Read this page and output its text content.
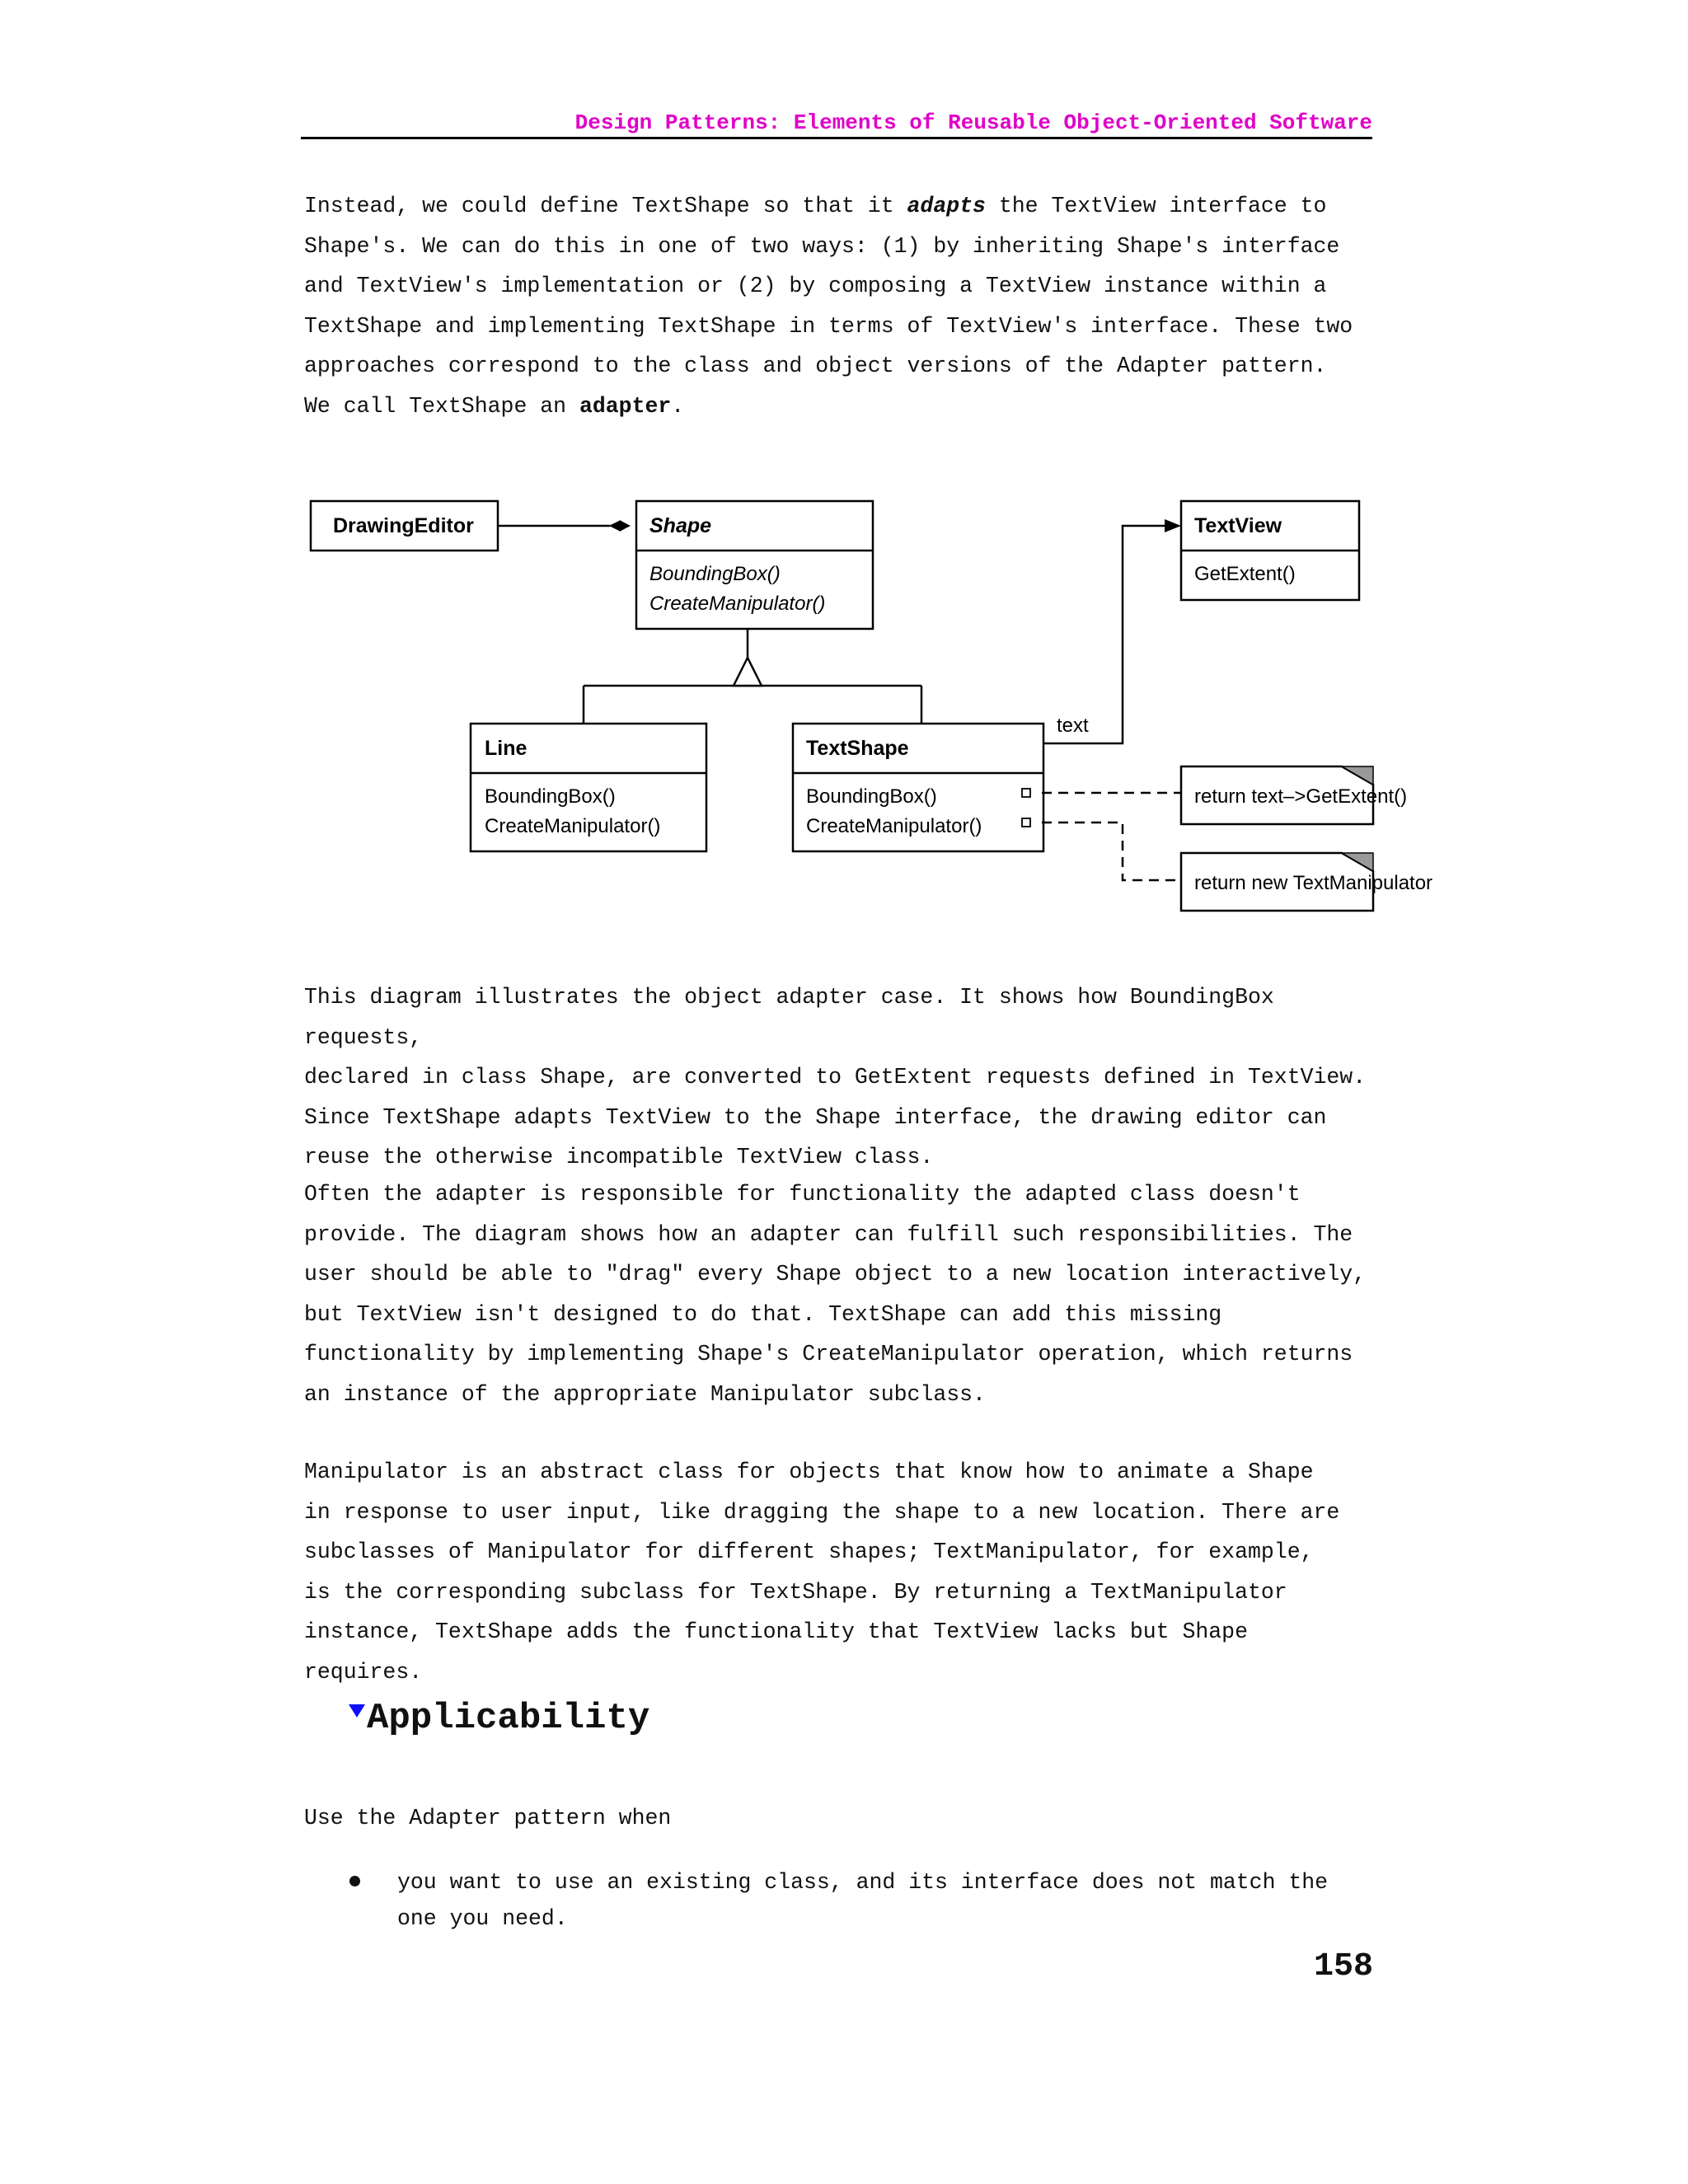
Design Patterns: Elements of Reusable Object-Oriented Software

Instead, we could define TextShape so that it adapts the TextView interface to
Shape's. We can do this in one of two ways: (1) by inheriting Shape's interface
and TextView's implementation or (2) by composing a TextView instance within a
TextShape and implementing TextShape in terms of TextView's interface. These two
approaches correspond to the class and object versions of the Adapter pattern.
We call TextShape an adapter.

DrawingEditor	Shape
BoundingBox()
CreateManipulator()
TextView
GetExtent()
Line
BoundingBox()
CreateManipulator()
TextShape
BoundingBox()
CreateManipulator()
text
return text–>GetExtent()
return new TextManipulator

This diagram illustrates the object adapter case. It shows how BoundingBox requests,
declared in class Shape, are converted to GetExtent requests defined in TextView.
Since TextShape adapts TextView to the Shape interface, the drawing editor can
reuse the otherwise incompatible TextView class.

Often the adapter is responsible for functionality the adapted class doesn't
provide. The diagram shows how an adapter can fulfill such responsibilities. The
user should be able to "drag" every Shape object to a new location interactively,
but TextView isn't designed to do that. TextShape can add this missing
functionality by implementing Shape's CreateManipulator operation, which returns
an instance of the appropriate Manipulator subclass.

Manipulator is an abstract class for objects that know how to animate a Shape
in response to user input, like dragging the shape to a new location. There are
subclasses of Manipulator for different shapes; TextManipulator, for example,
is the corresponding subclass for TextShape. By returning a TextManipulator
instance, TextShape adds the functionality that TextView lacks but Shape requires.

Applicability

Use the Adapter pattern when

you want to use an existing class, and its interface does not match the
one you need.

158
